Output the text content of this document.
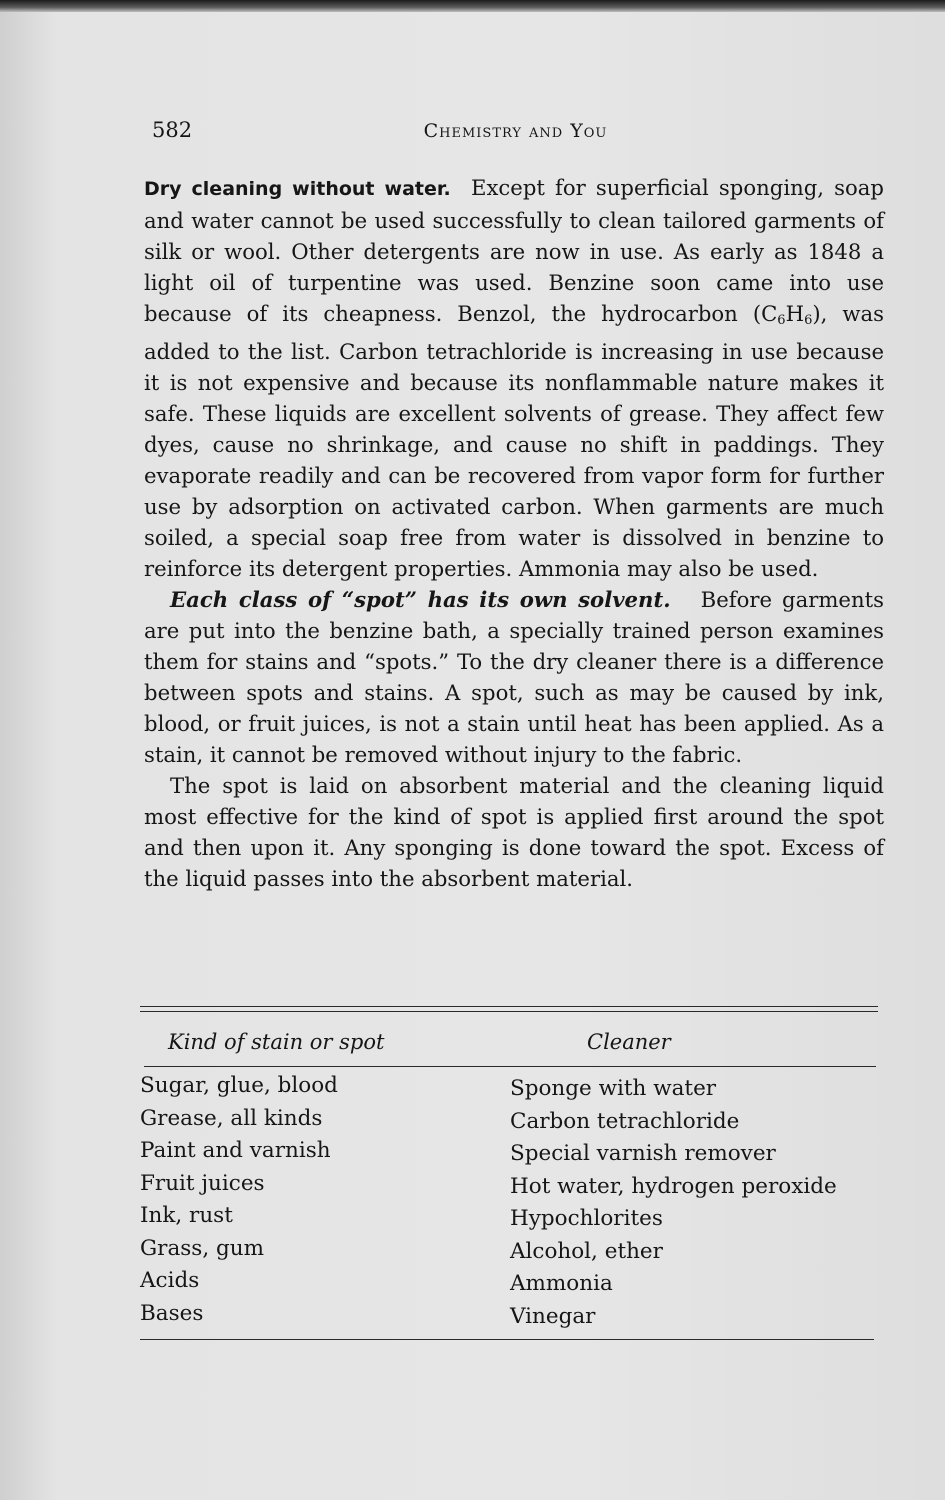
582	Chemistry and You

Dry cleaning without water. Except for superficial sponging, soap and water cannot be used successfully to clean tailored garments of silk or wool. Other detergents are now in use. As early as 1848 a light oil of turpentine was used. Benzine soon came into use because of its cheapness. Benzol, the hydrocarbon $(C_6H_6)$, was added to the list. Carbon tetrachloride is increasing in use because it is not expensive and because its nonflammable nature makes it safe. These liquids are excellent solvents of grease. They affect few dyes, cause no shrinkage, and cause no shift in paddings. They evaporate readily and can be recovered from vapor form for further use by adsorption on activated carbon. When garments are much soiled, a special soap free from water is dissolved in benzine to reinforce its detergent properties. Ammonia may also be used.

Each class of “spot” has its own solvent. Before garments are put into the benzine bath, a specially trained person examines them for stains and “spots.” To the dry cleaner there is a difference between spots and stains. A spot, such as may be caused by ink, blood, or fruit juices, is not a stain until heat has been applied. As a stain, it cannot be removed without injury to the fabric.

The spot is laid on absorbent material and the cleaning liquid most effective for the kind of spot is applied first around the spot and then upon it. Any sponging is done toward the spot. Excess of the liquid passes into the absorbent material.

Kind of stain or spot	Cleaner
Sugar, glue, blood	Sponge with water
Grease, all kinds	Carbon tetrachloride
Paint and varnish	Special varnish remover
Fruit juices	Hot water, hydrogen peroxide
Ink, rust	Hypochlorites
Grass, gum	Alcohol, ether
Acids	Ammonia
Bases	Vinegar
